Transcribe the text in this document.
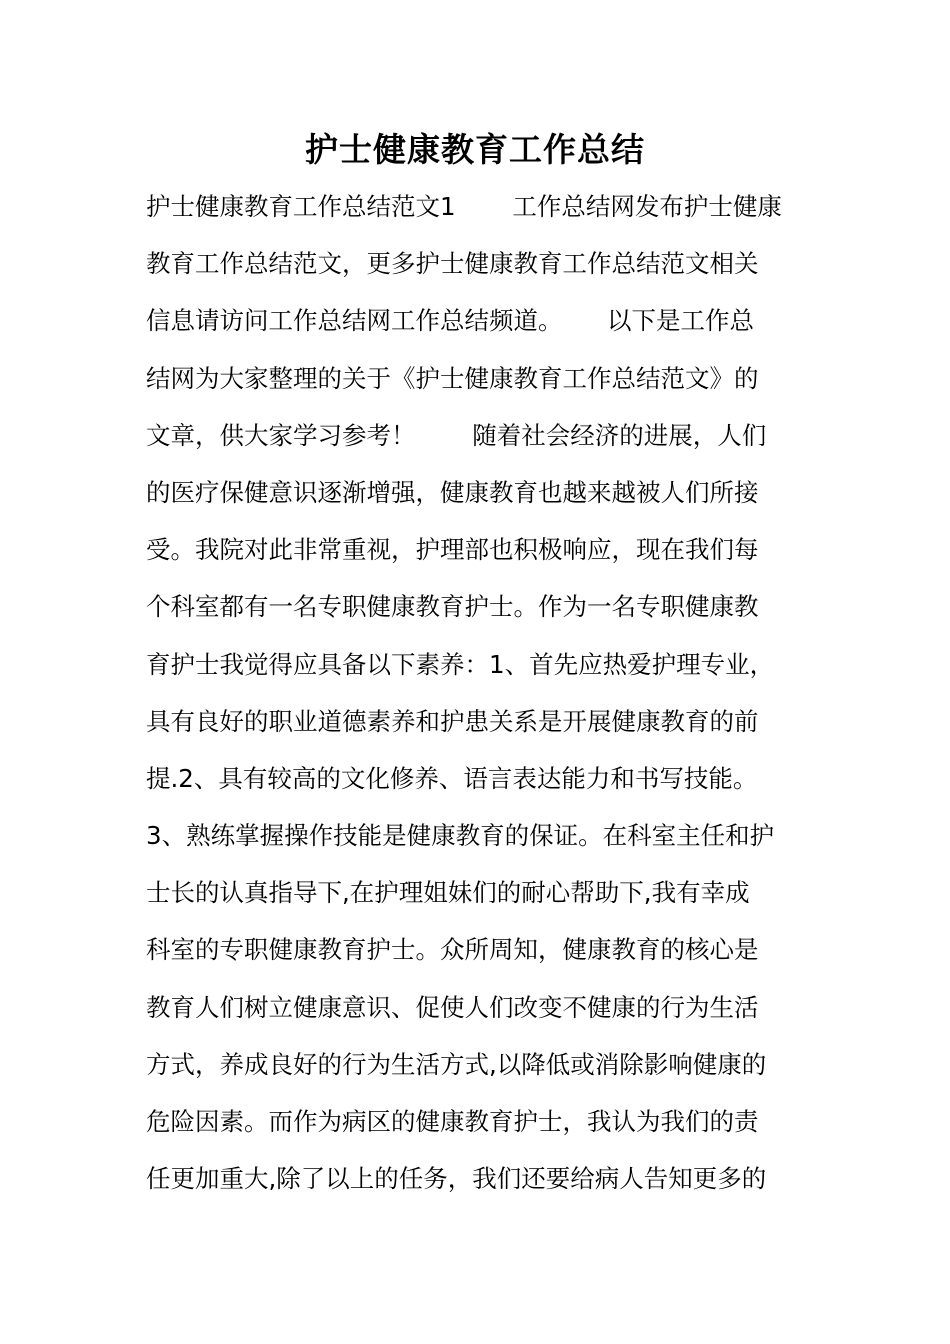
护士健康教育工作总结
护士健康教育工作总结范文1　　 工作总结网发布护士健康
教育工作总结范文，更多护士健康教育工作总结范文相关
信息请访问工作总结网工作总结频道。　　 以下是工作总
结网为大家整理的关于《护士健康教育工作总结范文》的
文章，供大家学习参考！　　 随着社会经济的进展，人们
的医疗保健意识逐渐增强，健康教育也越来越被人们所接
受。我院对此非常重视，护理部也积极响应，现在我们每
个科室都有一名专职健康教育护士。作为一名专职健康教
育护士我觉得应具备以下素养：1、首先应热爱护理专业，
具有良好的职业道德素养和护患关系是开展健康教育的前
提.2、具有较高的文化修养、语言表达能力和书写技能。
3、熟练掌握操作技能是健康教育的保证。在科室主任和护
士长的认真指导下,在护理姐妹们的耐心帮助下,我有幸成
科室的专职健康教育护士。众所周知，健康教育的核心是
教育人们树立健康意识、促使人们改变不健康的行为生活
方式，养成良好的行为生活方式,以降低或消除影响健康的
危险因素。而作为病区的健康教育护士，我认为我们的责
任更加重大,除了以上的任务，我们还要给病人告知更多的
